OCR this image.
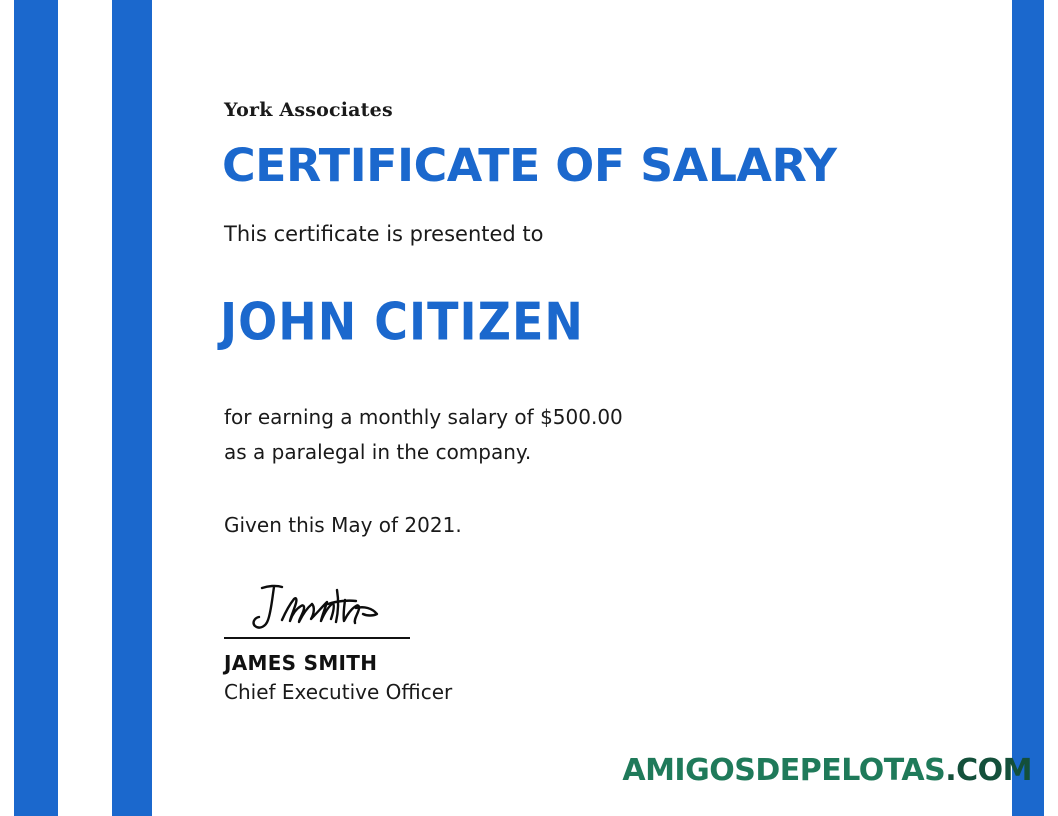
York Associates
CERTIFICATE OF SALARY
This certificate is presented to
JOHN CITIZEN
for earning a monthly salary of $500.00
as a paralegal in the company.
Given this May of 2021.
JAMES SMITH
Chief Executive Officer
AMIGOSDEPELOTAS.COM
